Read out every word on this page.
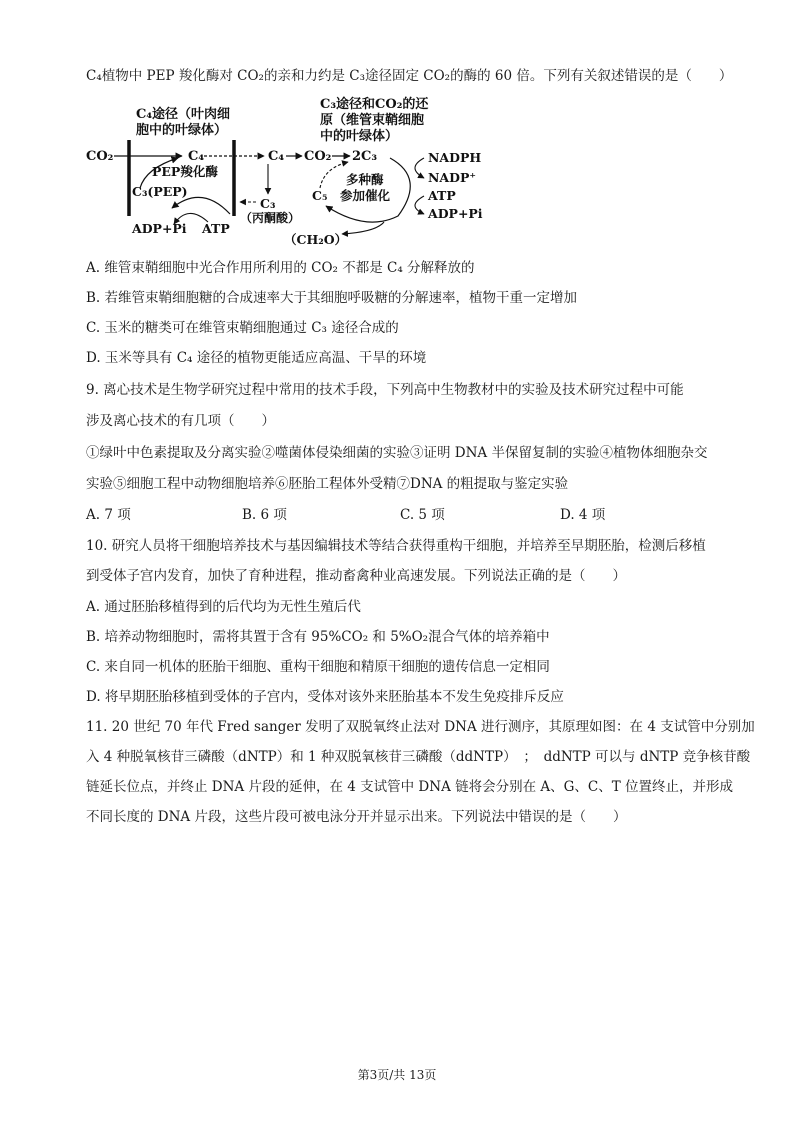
C₄植物中 PEP 羧化酶对 CO₂的亲和力约是 C₃途径固定 CO₂的酶的 60 倍。下列有关叙述错误的是（　　）
C₄途径（叶肉细
胞中的叶绿体）
C₃途径和CO₂的还
原（维管束鞘细胞
中的叶绿体）
CO₂	C₄
PEP羧化酶
C₃(PEP)
ADP+Pi ATP
C₄
C₃
（丙酮酸）
CO₂ 2C₃
多种酶
参加催化
C₅
（CH₂O）
NADPH
NADP⁺
ATP
ADP+Pi
A. 维管束鞘细胞中光合作用所利用的 CO₂ 不都是 C₄ 分解释放的
B. 若维管束鞘细胞糖的合成速率大于其细胞呼吸糖的分解速率，植物干重一定增加
C. 玉米的糖类可在维管束鞘细胞通过 C₃ 途径合成的
D. 玉米等具有 C₄ 途径的植物更能适应高温、干旱的环境
9. 离心技术是生物学研究过程中常用的技术手段，下列高中生物教材中的实验及技术研究过程中可能
涉及离心技术的有几项（　　）
①绿叶中色素提取及分离实验②噬菌体侵染细菌的实验③证明 DNA 半保留复制的实验④植物体细胞杂交
实验⑤细胞工程中动物细胞培养⑥胚胎工程体外受精⑦DNA 的粗提取与鉴定实验
A. 7 项	B. 6 项	C. 5 项	D. 4 项
10. 研究人员将干细胞培养技术与基因编辑技术等结合获得重构干细胞，并培养至早期胚胎，检测后移植
到受体子宫内发育，加快了育种进程，推动畜禽种业高速发展。下列说法正确的是（　　）
A. 通过胚胎移植得到的后代均为无性生殖后代
B. 培养动物细胞时，需将其置于含有 95%CO₂ 和 5%O₂混合气体的培养箱中
C. 来自同一机体的胚胎干细胞、重构干细胞和精原干细胞的遗传信息一定相同
D. 将早期胚胎移植到受体的子宫内，受体对该外来胚胎基本不发生免疫排斥反应
11. 20 世纪 70 年代 Fred sanger 发明了双脱氧终止法对 DNA 进行测序，其原理如图：在 4 支试管中分别加
入 4 种脱氧核苷三磷酸（dNTP）和 1 种双脱氧核苷三磷酸（ddNTP）　；　ddNTP 可以与 dNTP 竞争核苷酸
链延长位点，并终止 DNA 片段的延伸，在 4 支试管中 DNA 链将会分别在 A、G、C、T 位置终止，并形成
不同长度的 DNA 片段，这些片段可被电泳分开并显示出来。下列说法中错误的是（　　）
第3页/共 13页
